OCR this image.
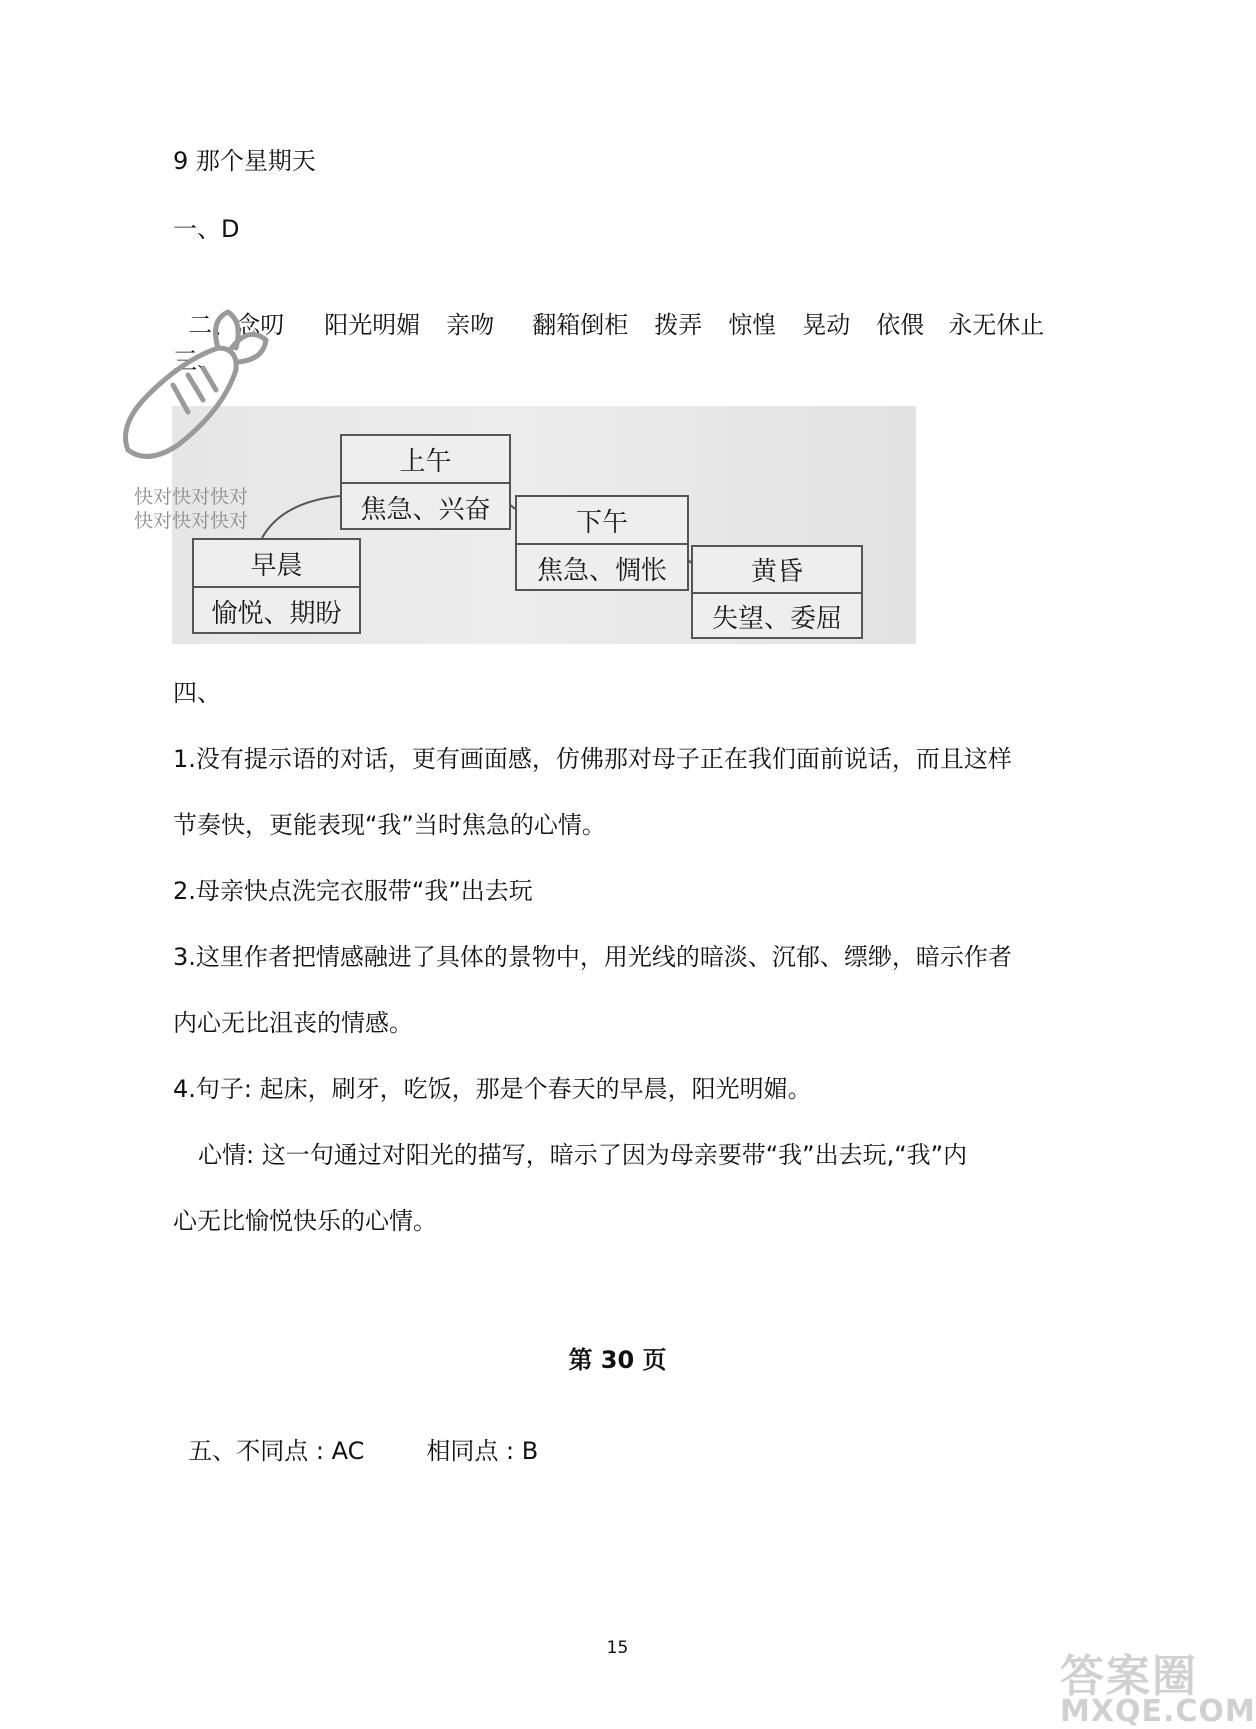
9 那个星期天
一、D

二、念叨 阳光明媚 亲吻 翻箱倒柜 拨弄 惊惶 晃动 依偎 永无休止

三、
早晨
愉悦、期盼
上午
焦急、兴奋	下午
焦急、惆怅	黄昏
失望、委屈
快对快对快对
快对快对快对
四、
1.没有提示语的对话，更有画面感，仿佛那对母子正在我们面前说话，而且这样
节奏快，更能表现“我”当时焦急的心情。
2.母亲快点洗完衣服带“我”出去玩
3.这里作者把情感融进了具体的景物中，用光线的暗淡、沉郁、缥缈，暗示作者
内心无比沮丧的情感。
4.句子: 起床，刷牙，吃饭，那是个春天的早晨，阳光明媚。
心情: 这一句通过对阳光的描写，暗示了因为母亲要带“我”出去玩,“我”内
心无比愉悦快乐的心情。
第 30 页

五、不同点 : AC	相同点 : B

15
答案圈
MXQE.COM
